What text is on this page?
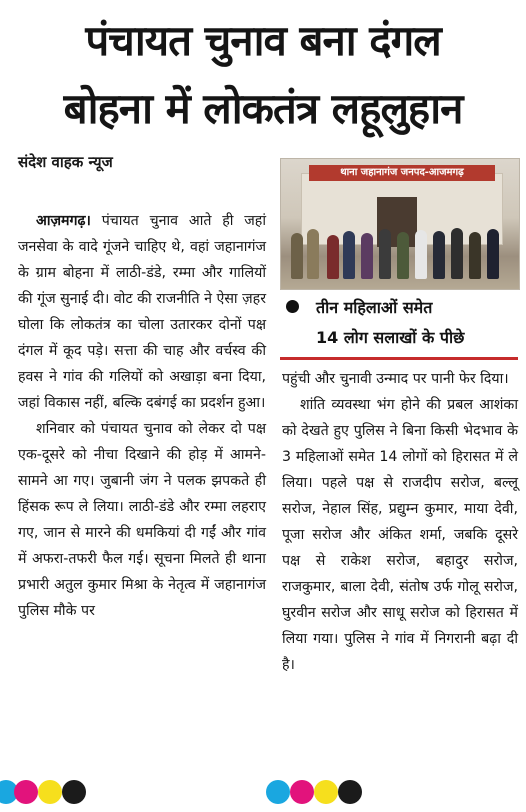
पंचायत चुनाव बना दंगल
बोहना में लोकतंत्र लहूलुहान
संदेश वाहक न्यूज
थाना जहानागंज जनपद-आजमगढ़
तीन महिलाओं समेत
14 लोग सलाखों के पीछे

आज़मगढ़। पंचायत चुनाव आते ही जहां जनसेवा के वादे गूंजने चाहिए थे, वहां जहानागंज के ग्राम बोहना में लाठी-डंडे, रम्मा और गालियों की गूंज सुनाई दी। वोट की राजनीति ने ऐसा ज़हर घोला कि लोकतंत्र का चोला उतारकर दोनों पक्ष दंगल में कूद पड़े। सत्ता की चाह और वर्चस्व की हवस ने गांव की गलियों को अखाड़ा बना दिया, जहां विकास नहीं, बल्कि दबंगई का प्रदर्शन हुआ।

शनिवार को पंचायत चुनाव को लेकर दो पक्ष एक-दूसरे को नीचा दिखाने की होड़ में आमने-सामने आ गए। जुबानी जंग ने पलक झपकते ही हिंसक रूप ले लिया। लाठी-डंडे और रम्मा लहराए गए, जान से मारने की धमकियां दी गईं और गांव में अफरा-तफरी फैल गई। सूचना मिलते ही थाना प्रभारी अतुल कुमार मिश्रा के नेतृत्व में जहानागंज पुलिस मौके पर

पहुंची और चुनावी उन्माद पर पानी फेर दिया।

शांति व्यवस्था भंग होने की प्रबल आशंका को देखते हुए पुलिस ने बिना किसी भेदभाव के 3 महिलाओं समेत 14 लोगों को हिरासत में ले लिया। पहले पक्ष से राजदीप सरोज, बल्लू सरोज, नेहाल सिंह, प्रद्युम्न कुमार, माया देवी, पूजा सरोज और अंकित शर्मा, जबकि दूसरे पक्ष से राकेश सरोज, बहादुर सरोज, राजकुमार, बाला देवी, संतोष उर्फ गोलू सरोज, घुरवीन सरोज और साधू सरोज को हिरासत में लिया गया। पुलिस ने गांव में निगरानी बढ़ा दी है।
